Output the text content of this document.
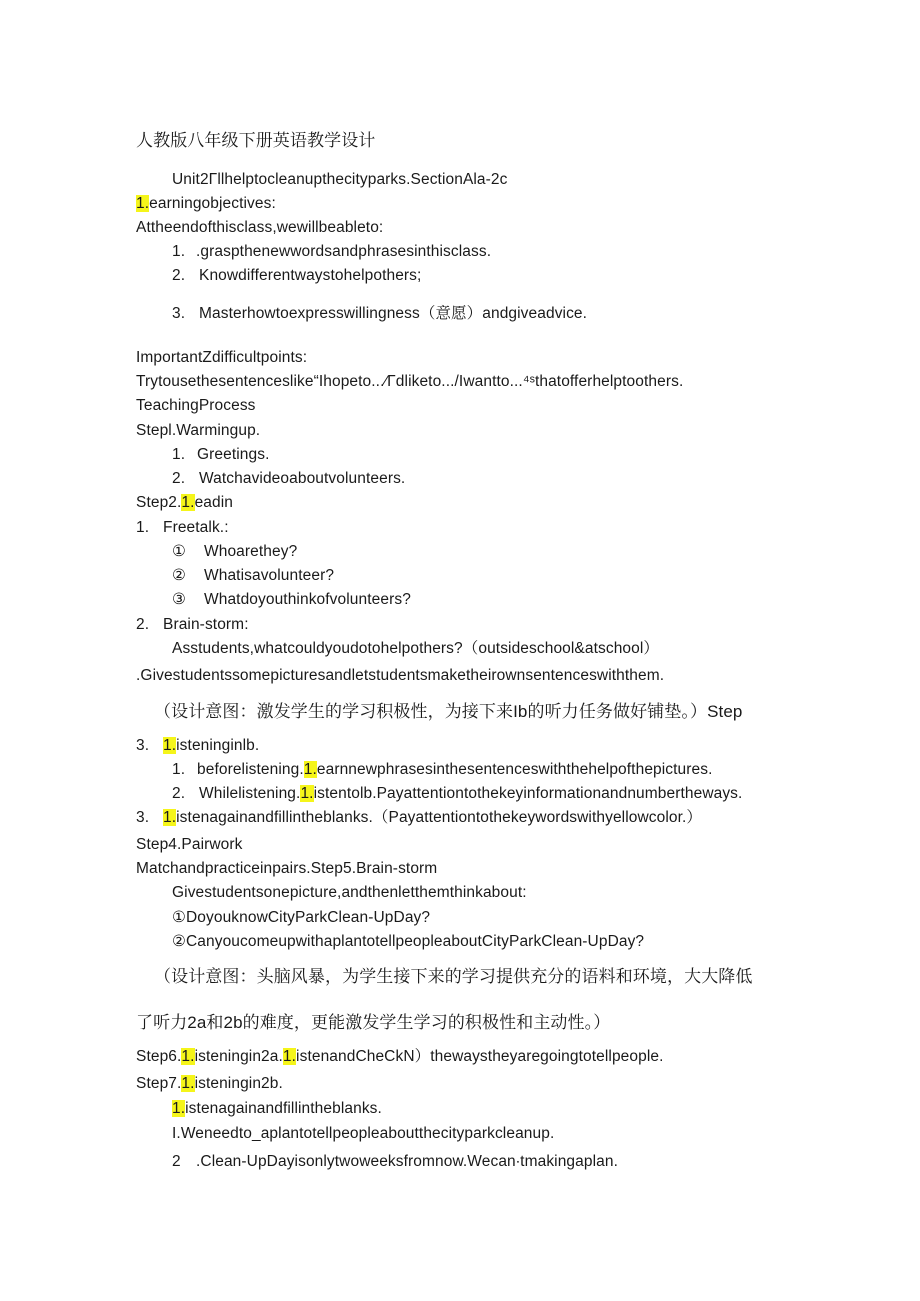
人教版八年级下册英语教学设计
Unit2Γllhelptocleanupthecityparks.SectionAla-2c
1.earningobjectives:
Attheendofthisclass,wewillbeableto:
1. .graspthenewwordsandphrasesinthisclass.
2. Knowdifferentwaystohelpothers;
3. Masterhowtoexpresswillingness（意愿）andgiveadvice.
ImportantZdifficultpoints:
Trytousethesentenceslike“Ihopeto...∕Γdliketo.../Iwantto...⁴ˢthatofferhelptoothers.
TeachingProcess
Stepl.Warmingup.
1. Greetings.
2. Watchavideoaboutvolunteers.
Step2.1.eadin
1. Freetalk.:
① Whoarethey?
② Whatisavolunteer?
③ Whatdoyouthinkofvolunteers?
2. Brain-storm:
Asstudents,whatcouldyoudotohelpothers?（outsideschool&atschool）
.Givestudentssomepicturesandletstudentsmaketheirownsentenceswiththem.
（设计意图：激发学生的学习积极性，为接下来Ib的听力任务做好铺垫。）Step
3. 1.isteninginlb.
1. beforelistening.1.earnnewphrasesinthesentenceswiththehelpofthepictures.
2. Whilelistening.1.istentolb.Payattentiontothekeyinformationandnumbertheways.
3. 1.istenagainandfillintheblanks.（Payattentiontothekeywordswithyellowcolor.）
Step4.Pairwork
Matchandpracticeinpairs.Step5.Brain-storm
Givestudentsonepicture,andthenletthemthinkabout:
①DoyouknowCityParkClean-UpDay?
②CanyoucomeupwithaplantotellpeopleaboutCityParkClean-UpDay?
（设计意图：头脑风暴，为学生接下来的学习提供充分的语料和环境，大大降低
了听力2a和2b的难度，更能激发学生学习的积极性和主动性。）
Step6.1.isteningin2a.1.istenandCheCkN）thewaystheyaregoingtotellpeople.
Step7.1.isteningin2b.
1.istenagainandfillintheblanks.
I.Weneedto_aplantotellpeopleaboutthecityparkcleanup.
2 .Clean-UpDayisonlytwoweeksfromnow.Wecan∙tmakingaplan.
